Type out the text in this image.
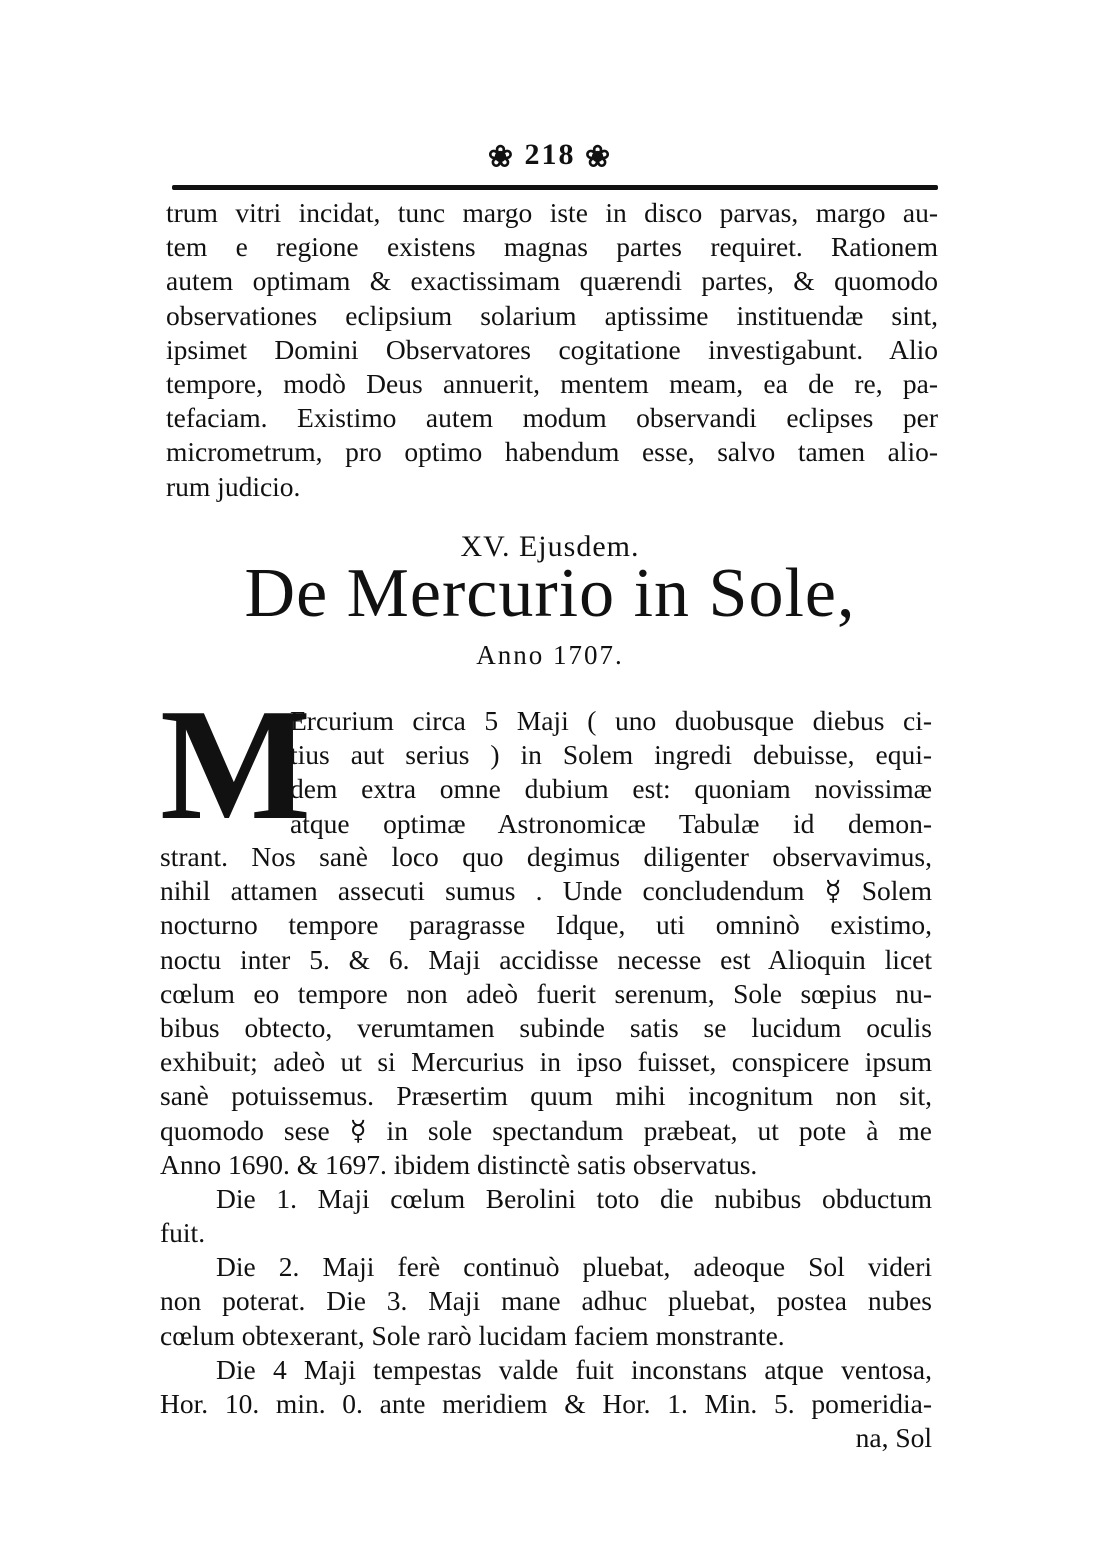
❀ 218 ❀
trum vitri incidat, tunc margo iste in disco parvas, margo au-
tem e regione existens magnas partes requiret. Rationem
autem optimam & exactissimam quærendi partes, & quomodo
observationes eclipsium solarium aptissime instituendæ sint,
ipsimet Domini Observatores cogitatione investigabunt. Alio
tempore, modò Deus annuerit, mentem meam, ea de re, pa-
tefaciam. Existimo autem modum observandi eclipses per
micrometrum, pro optimo habendum esse, salvo tamen alio-
rum judicio.
XV. Ejusdem.
De Mercurio in Sole,
Anno 1707.
M
Ercurium circa 5 Maji ( uno duobusque diebus ci-
tius aut serius ) in Solem ingredi debuisse, equi-
dem extra omne dubium est: quoniam novissimæ
atque optimæ Astronomicæ Tabulæ id demon-
strant. Nos sanè loco quo degimus diligenter observavimus,
nihil attamen assecuti sumus . Unde concludendum ☿ Solem
nocturno tempore paragrasse Idque, uti omninò existimo,
noctu inter 5. & 6. Maji accidisse necesse est Alioquin licet
cœlum eo tempore non adeò fuerit serenum, Sole sœpius nu-
bibus obtecto, verumtamen subinde satis se lucidum oculis
exhibuit; adeò ut si Mercurius in ipso fuisset, conspicere ipsum
sanè potuissemus. Præsertim quum mihi incognitum non sit,
quomodo sese ☿ in sole spectandum præbeat, ut pote à me
Anno 1690. & 1697. ibidem distinctè satis observatus.
Die 1. Maji cœlum Berolini toto die nubibus obductum
fuit.
Die 2. Maji ferè continuò pluebat, adeoque Sol videri
non poterat. Die 3. Maji mane adhuc pluebat, postea nubes
cœlum obtexerant, Sole rarò lucidam faciem monstrante.
Die 4 Maji tempestas valde fuit inconstans atque ventosa,
Hor. 10. min. 0. ante meridiem & Hor. 1. Min. 5. pomeridia-
na, Sol
